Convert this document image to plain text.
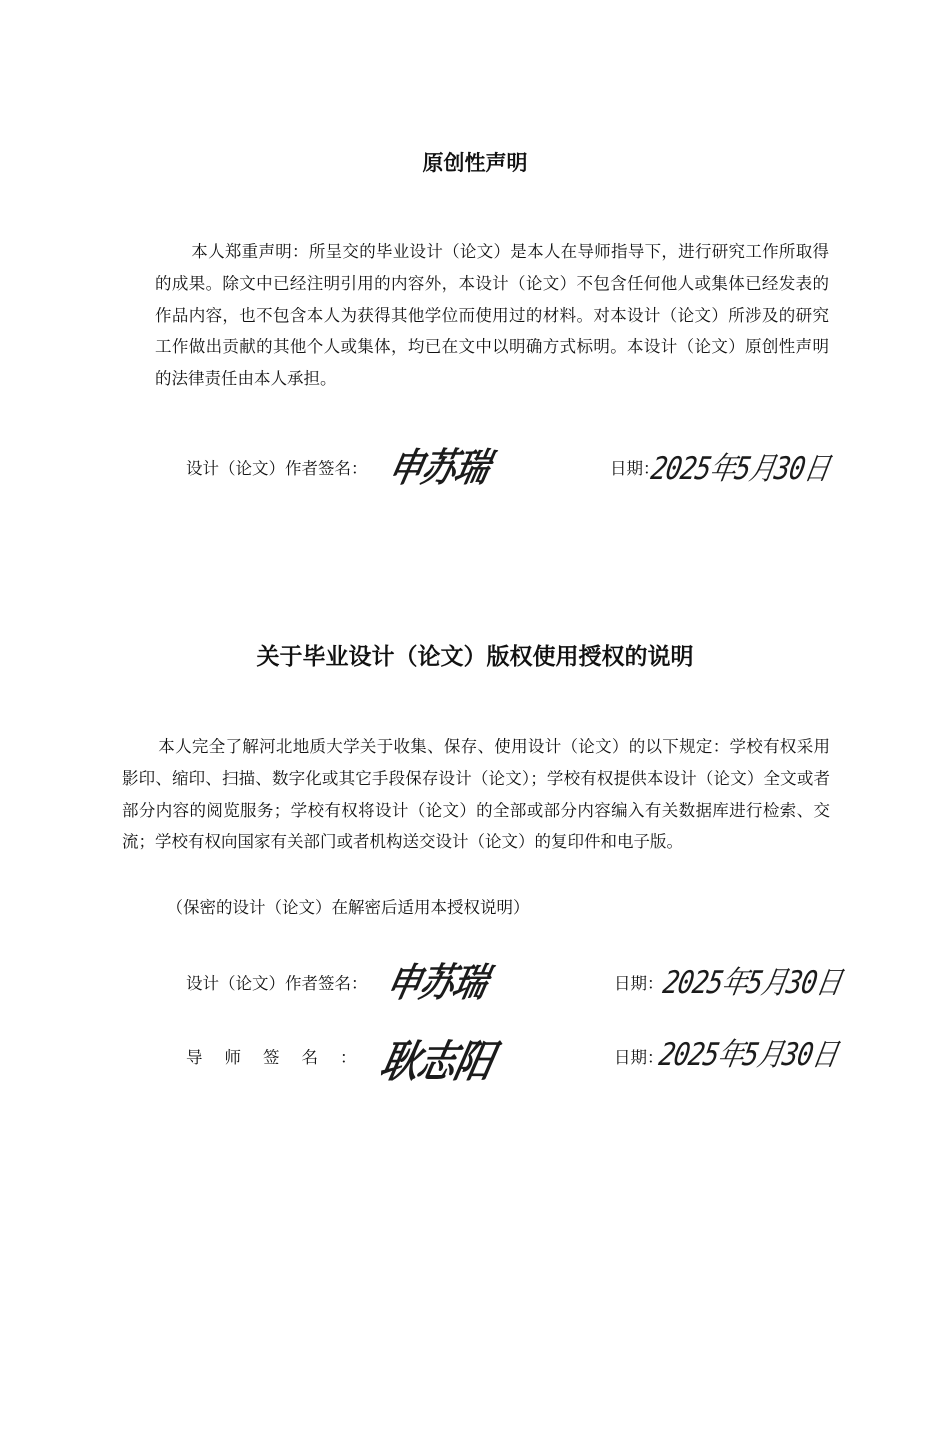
原创性声明

本人郑重声明：所呈交的毕业设计（论文）是本人在导师指导下，进行研究工作所取得的成果。除文中已经注明引用的内容外，本设计（论文）不包含任何他人或集体已经发表的作品内容，也不包含本人为获得其他学位而使用过的材料。对本设计（论文）所涉及的研究工作做出贡献的其他个人或集体，均已在文中以明确方式标明。本设计（论文）原创性声明的法律责任由本人承担。

设计（论文）作者签名： 申苏瑞	日期：
2025年5月30日
关于毕业设计（论文）版权使用授权的说明

本人完全了解河北地质大学关于收集、保存、使用设计（论文）的以下规定：学校有权采用影印、缩印、扫描、数字化或其它手段保存设计（论文）；学校有权提供本设计（论文）全文或者部分内容的阅览服务；学校有权将设计（论文）的全部或部分内容编入有关数据库进行检索、交流；学校有权向国家有关部门或者机构送交设计（论文）的复印件和电子版。

（保密的设计（论文）在解密后适用本授权说明）

设计（论文）作者签名： 申苏瑞	日期：
2025年5月30日
导师签名：
耿志阳	日期：
2025年5月30日
